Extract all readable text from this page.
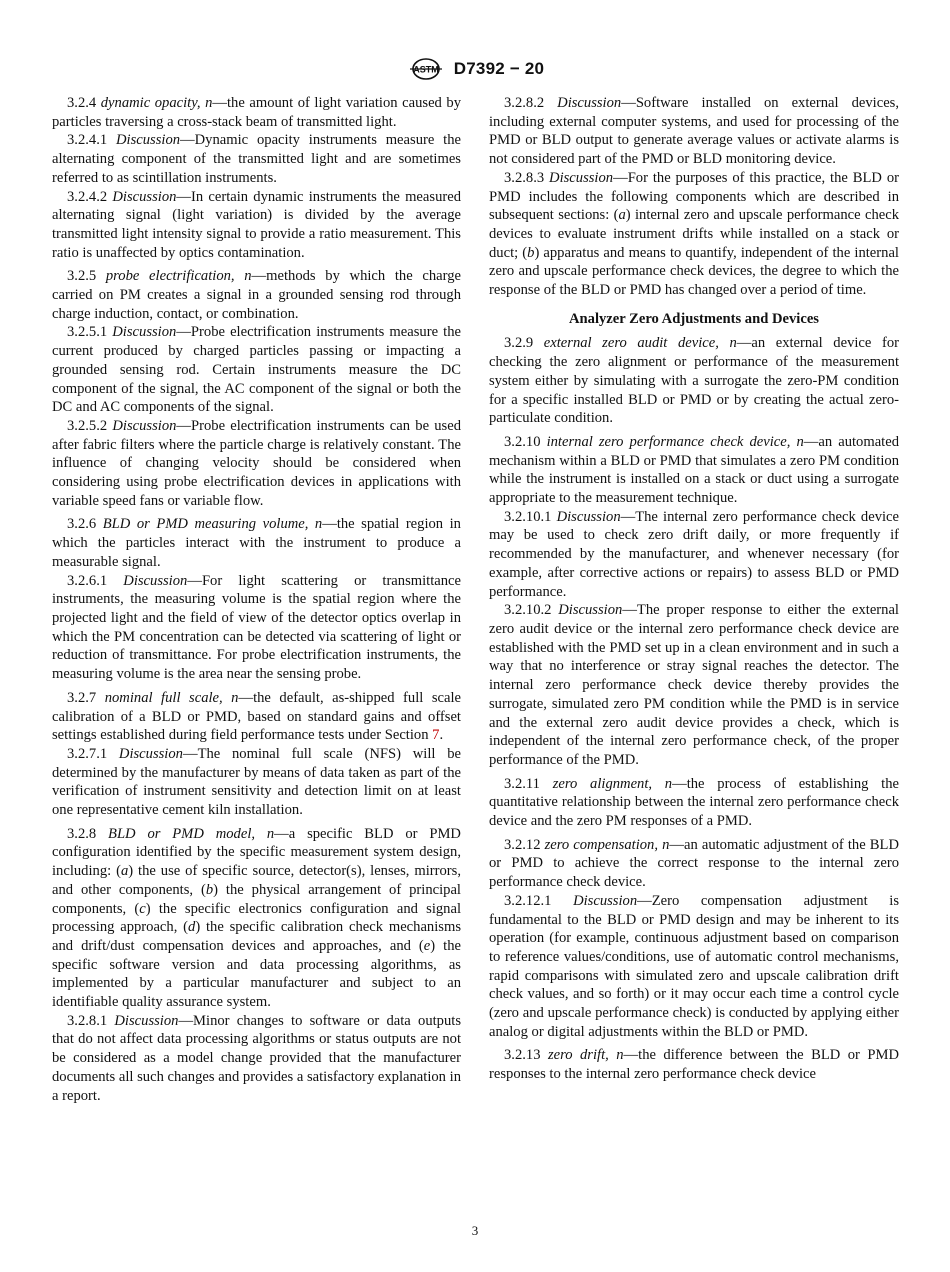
ASTM D7392 − 20

3.2.4 dynamic opacity, n—the amount of light variation caused by particles traversing a cross-stack beam of transmitted light.

3.2.4.1 Discussion—Dynamic opacity instruments measure the alternating component of the transmitted light and are sometimes referred to as scintillation instruments.

3.2.4.2 Discussion—In certain dynamic instruments the measured alternating signal (light variation) is divided by the average transmitted light intensity signal to provide a ratio measurement. This ratio is unaffected by optics contamination.

3.2.5 probe electrification, n—methods by which the charge carried on PM creates a signal in a grounded sensing rod through charge induction, contact, or combination.

3.2.5.1 Discussion—Probe electrification instruments measure the current produced by charged particles passing or impacting a grounded sensing rod. Certain instruments measure the DC component of the signal, the AC component of the signal or both the DC and AC components of the signal.

3.2.5.2 Discussion—Probe electrification instruments can be used after fabric filters where the particle charge is relatively constant. The influence of changing velocity should be considered when considering using probe electrification devices in applications with variable speed fans or variable flow.

3.2.6 BLD or PMD measuring volume, n—the spatial region in which the particles interact with the instrument to produce a measurable signal.

3.2.6.1 Discussion—For light scattering or transmittance instruments, the measuring volume is the spatial region where the projected light and the field of view of the detector optics overlap in which the PM concentration can be detected via scattering of light or reduction of transmittance. For probe electrification instruments, the measuring volume is the area near the sensing probe.

3.2.7 nominal full scale, n—the default, as-shipped full scale calibration of a BLD or PMD, based on standard gains and offset settings established during field performance tests under Section 7.

3.2.7.1 Discussion—The nominal full scale (NFS) will be determined by the manufacturer by means of data taken as part of the verification of instrument sensitivity and detection limit on at least one representative cement kiln installation.

3.2.8 BLD or PMD model, n—a specific BLD or PMD configuration identified by the specific measurement system design, including: (a) the use of specific source, detector(s), lenses, mirrors, and other components, (b) the physical arrangement of principal components, (c) the specific electronics configuration and signal processing approach, (d) the specific calibration check mechanisms and drift/dust compensation devices and approaches, and (e) the specific software version and data processing algorithms, as implemented by a particular manufacturer and subject to an identifiable quality assurance system.

3.2.8.1 Discussion—Minor changes to software or data outputs that do not affect data processing algorithms or status outputs are not be considered as a model change provided that the manufacturer documents all such changes and provides a satisfactory explanation in a report.

3.2.8.2 Discussion—Software installed on external devices, including external computer systems, and used for processing of the PMD or BLD output to generate average values or activate alarms is not considered part of the PMD or BLD monitoring device.

3.2.8.3 Discussion—For the purposes of this practice, the BLD or PMD includes the following components which are described in subsequent sections: (a) internal zero and upscale performance check devices to evaluate instrument drifts while installed on a stack or duct; (b) apparatus and means to quantify, independent of the internal zero and upscale performance check devices, the degree to which the response of the BLD or PMD has changed over a period of time.

Analyzer Zero Adjustments and Devices

3.2.9 external zero audit device, n—an external device for checking the zero alignment or performance of the measurement system either by simulating with a surrogate the zero-PM condition for a specific installed BLD or PMD or by creating the actual zero-particulate condition.

3.2.10 internal zero performance check device, n—an automated mechanism within a BLD or PMD that simulates a zero PM condition while the instrument is installed on a stack or duct using a surrogate appropriate to the measurement technique.

3.2.10.1 Discussion—The internal zero performance check device may be used to check zero drift daily, or more frequently if recommended by the manufacturer, and whenever necessary (for example, after corrective actions or repairs) to assess BLD or PMD performance.

3.2.10.2 Discussion—The proper response to either the external zero audit device or the internal zero performance check device are established with the PMD set up in a clean environment and in such a way that no interference or stray signal reaches the detector. The internal zero performance check device thereby provides the surrogate, simulated zero PM condition while the PMD is in service and the external zero audit device provides a check, which is independent of the internal zero performance check, of the proper performance of the PMD.

3.2.11 zero alignment, n—the process of establishing the quantitative relationship between the internal zero performance check device and the zero PM responses of a PMD.

3.2.12 zero compensation, n—an automatic adjustment of the BLD or PMD to achieve the correct response to the internal zero performance check device.

3.2.12.1 Discussion—Zero compensation adjustment is fundamental to the BLD or PMD design and may be inherent to its operation (for example, continuous adjustment based on comparison to reference values/conditions, use of automatic control mechanisms, rapid comparisons with simulated zero and upscale calibration drift check values, and so forth) or it may occur each time a control cycle (zero and upscale performance check) is conducted by applying either analog or digital adjustments within the BLD or PMD.

3.2.13 zero drift, n—the difference between the BLD or PMD responses to the internal zero performance check device

3
